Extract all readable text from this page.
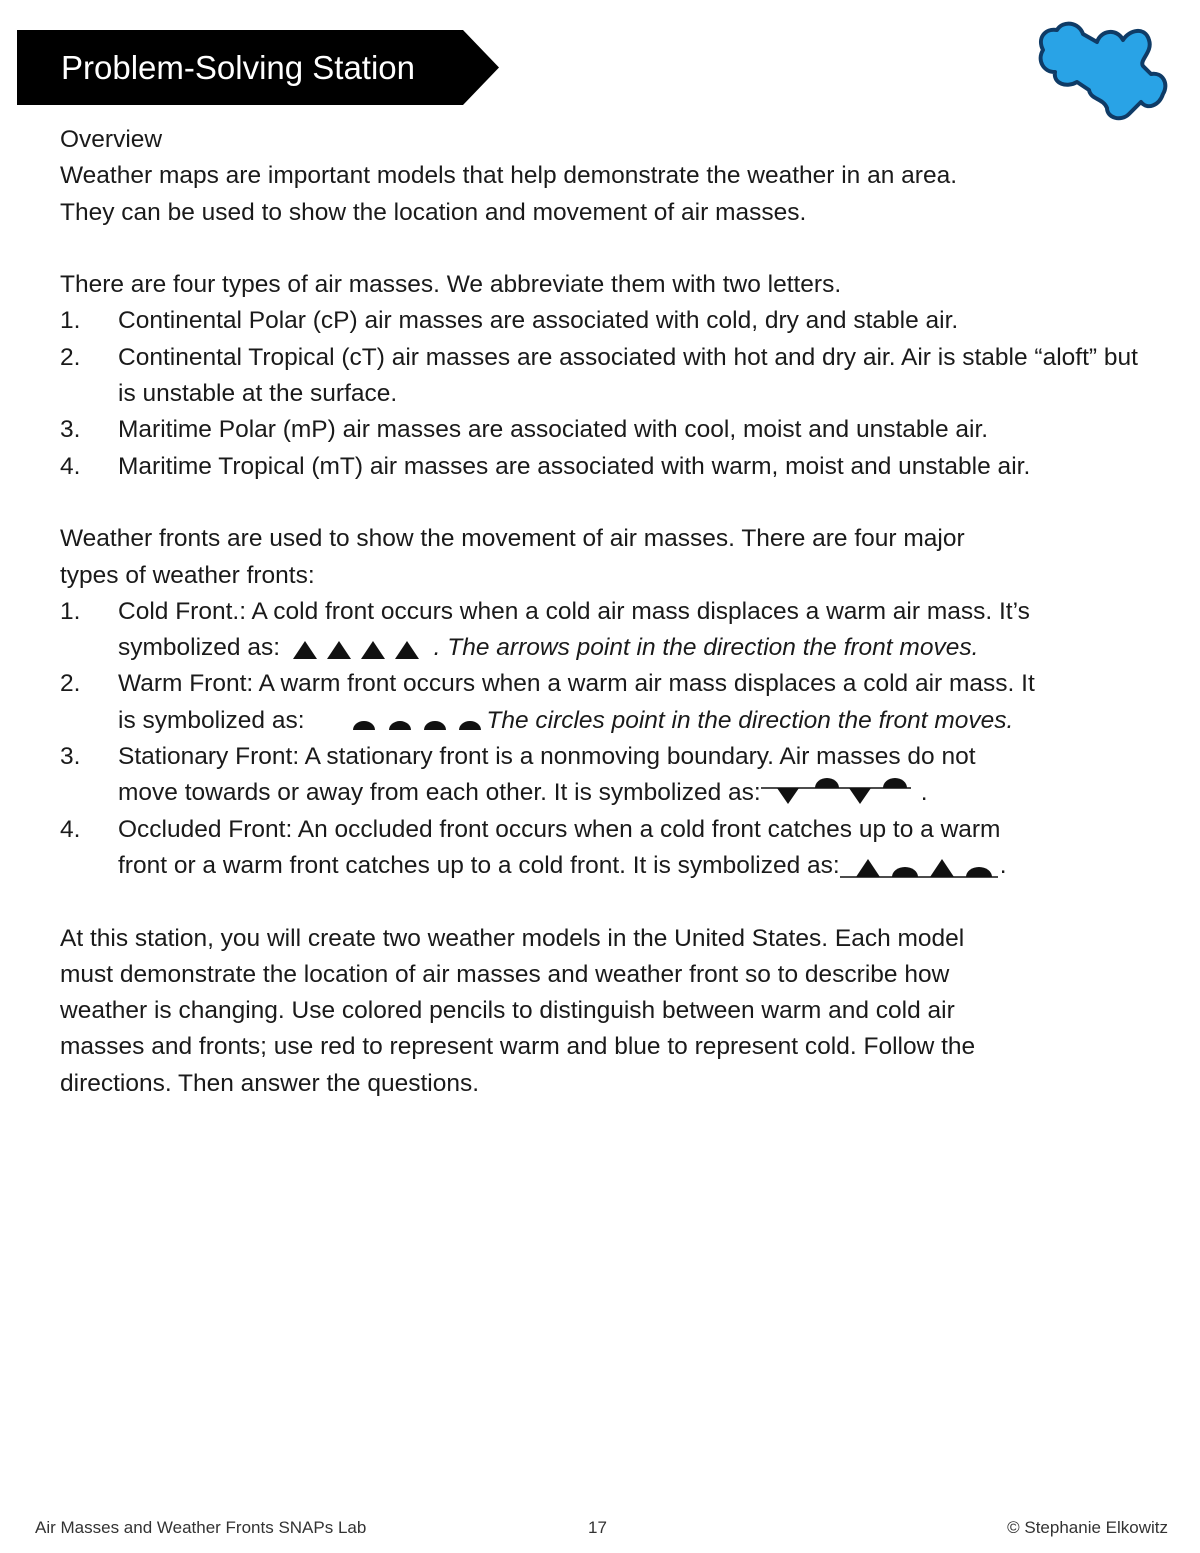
Problem-Solving Station

Overview

Weather maps are important models that help demonstrate the weather in an area.

They can be used to show the location and movement of air masses.

There are four types of air masses. We abbreviate them with two letters.

1. Continental Polar (cP) air masses are associated with cold, dry and stable air.
2. Continental Tropical (cT) air masses are associated with hot and dry air. Air is stable “aloft” but is unstable at the surface.
3. Maritime Polar (mP) air masses are associated with cool, moist and unstable air.
4. Maritime Tropical (mT) air masses are associated with warm, moist and unstable air.

Weather fronts are used to show the movement of air masses. There are four major

types of weather fronts:

1. Cold Front.: A cold front occurs when a cold air mass displaces a warm air mass. It’s
symbolized as:	. The arrows point in the direction the front moves.
2. Warm Front: A warm front occurs when a warm air mass displaces a cold air mass. It
is symbolized as:	The circles point in the direction the front moves.
3. Stationary Front: A stationary front is a nonmoving boundary. Air masses do not
move towards or away from each other. It is symbolized as:	.
4. Occluded Front: An occluded front occurs when a cold front catches up to a warm
front or a warm front catches up to a cold front. It is symbolized as:	.

At this station, you will create two weather models in the United States. Each model

must demonstrate the location of air masses and weather front so to describe how

weather is changing. Use colored pencils to distinguish between warm and cold air

masses and fronts; use red to represent warm and blue to represent cold. Follow the

directions. Then answer the questions.

Air Masses and Weather Fronts SNAPs Lab	17	© Stephanie Elkowitz
